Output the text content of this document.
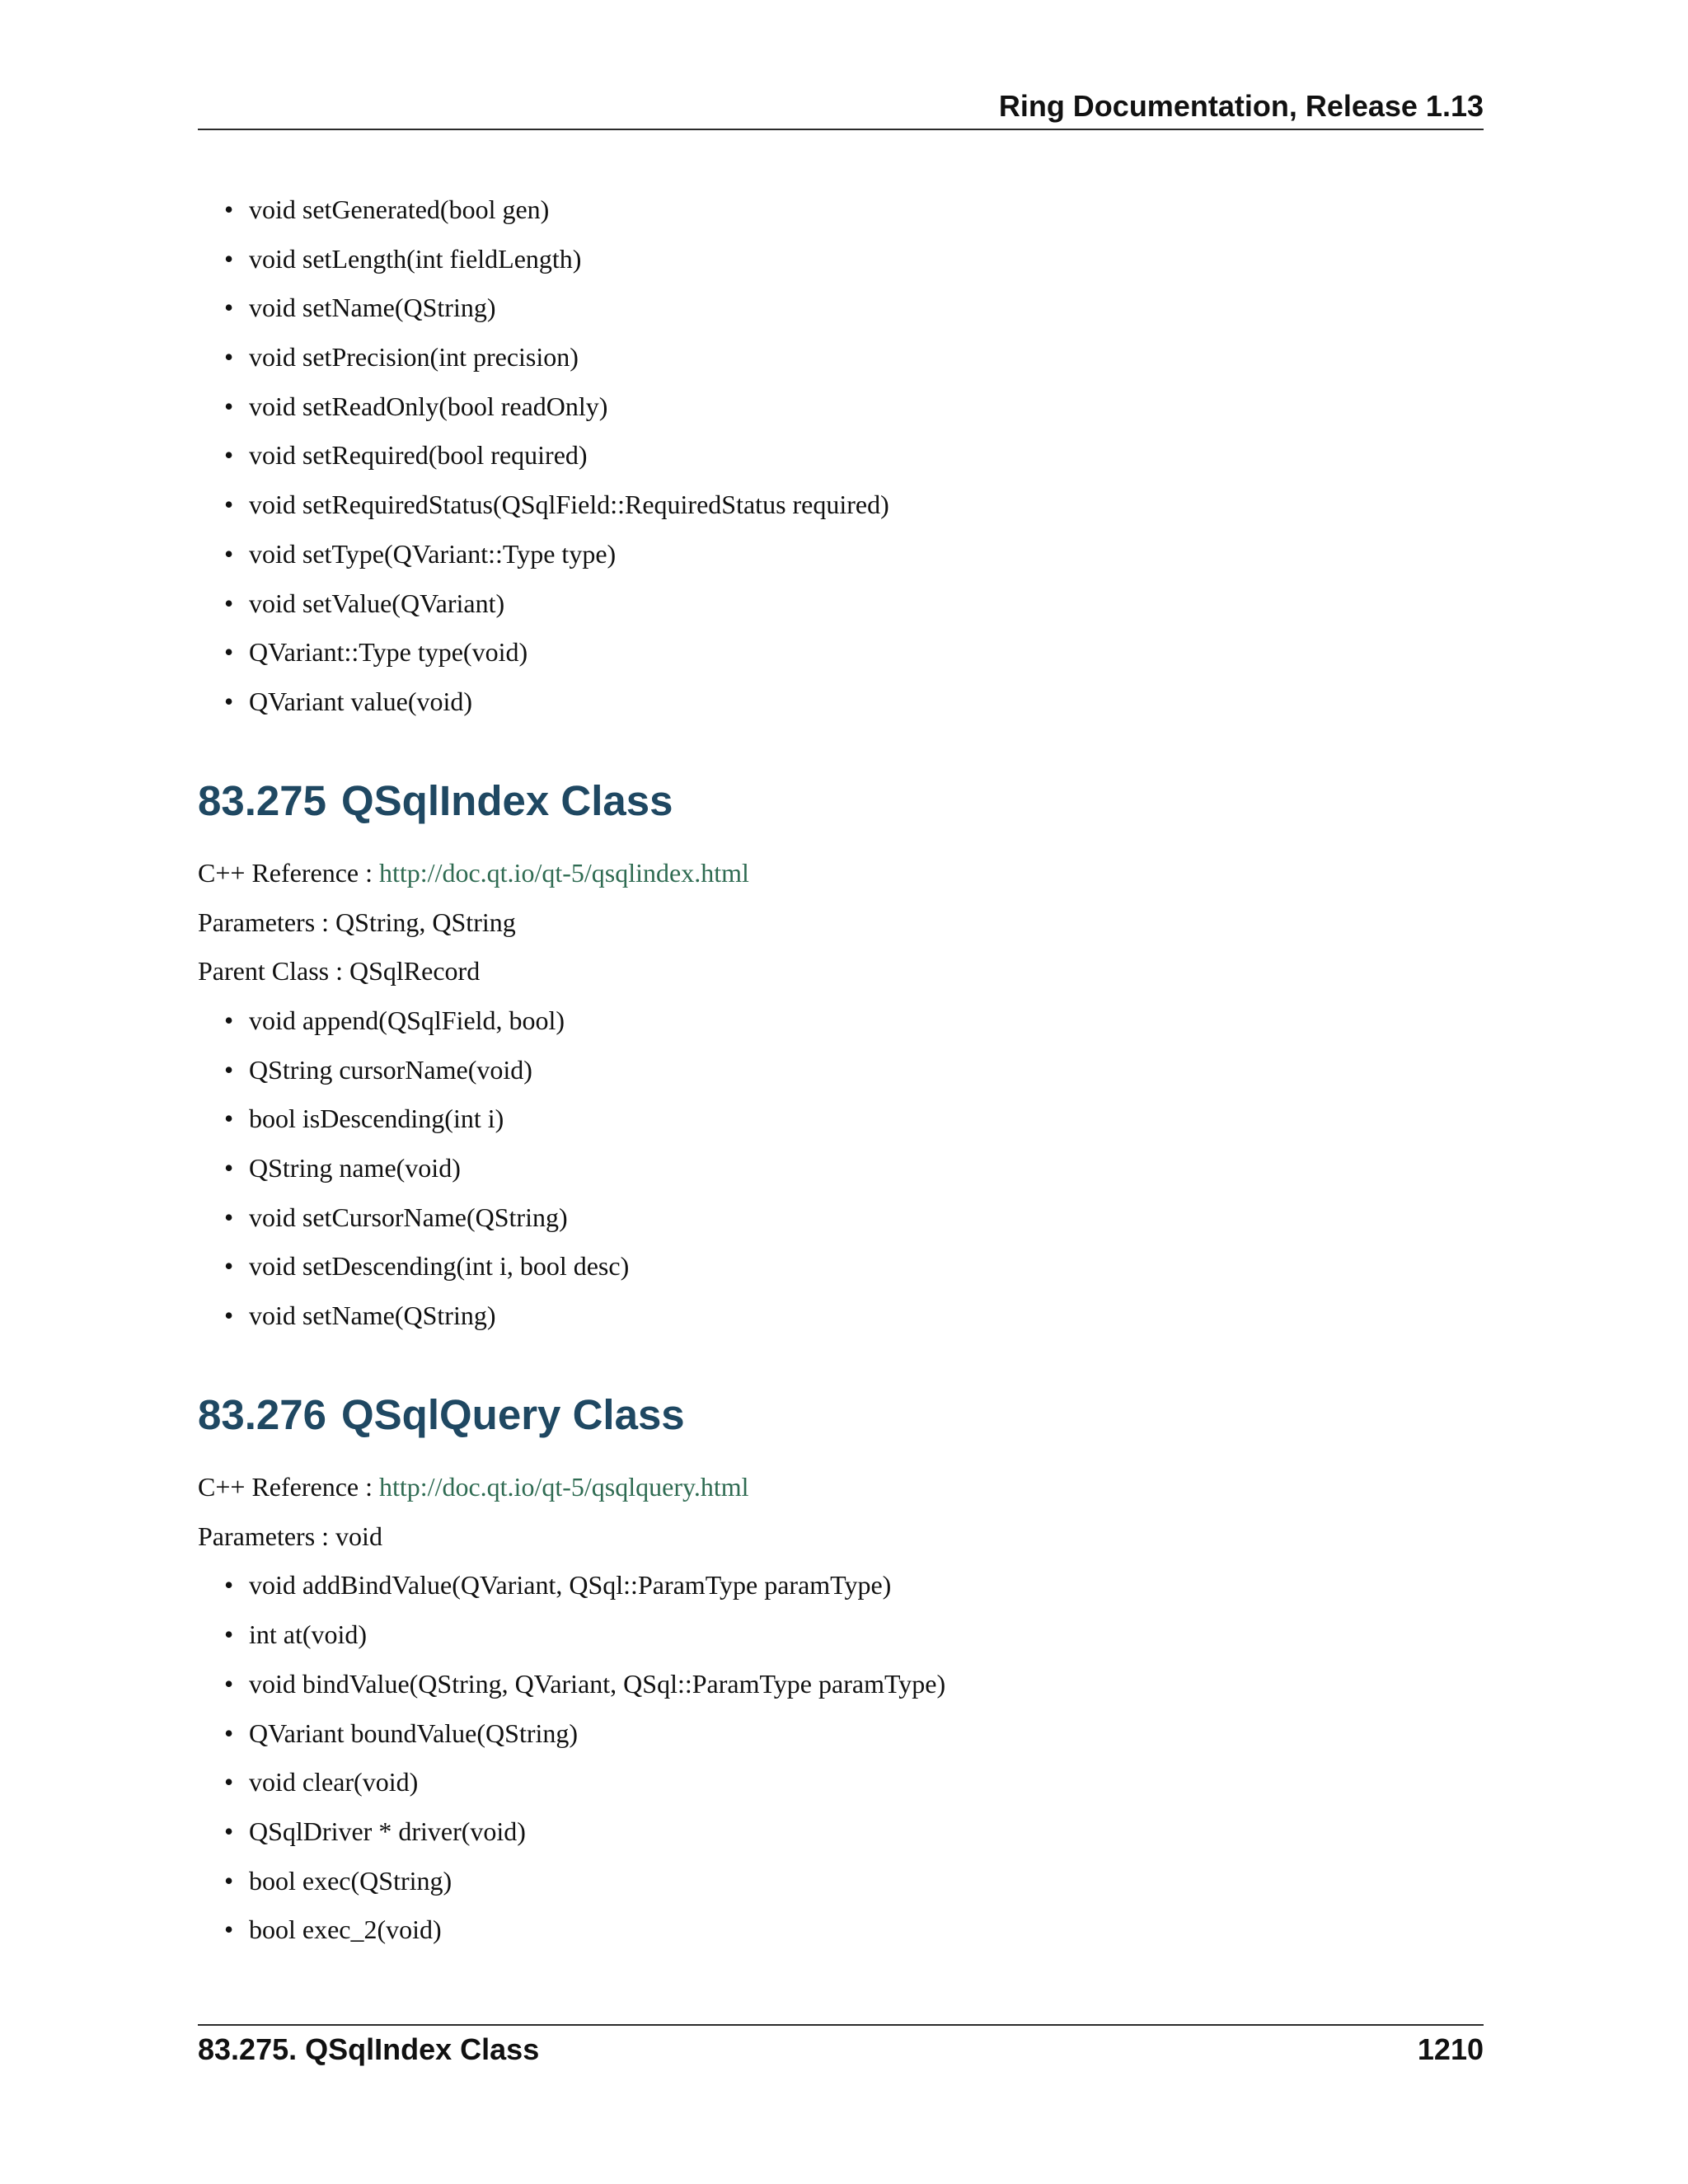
Ring Documentation, Release 1.13
• void setGenerated(bool gen)
• void setLength(int fieldLength)
• void setName(QString)
• void setPrecision(int precision)
• void setReadOnly(bool readOnly)
• void setRequired(bool required)
• void setRequiredStatus(QSqlField::RequiredStatus required)
• void setType(QVariant::Type type)
• void setValue(QVariant)
• QVariant::Type type(void)
• QVariant value(void)
83.275 QSqlIndex Class

C++ Reference : http://doc.qt.io/qt-5/qsqlindex.html

Parameters : QString, QString

Parent Class : QSqlRecord

• void append(QSqlField, bool)
• QString cursorName(void)
• bool isDescending(int i)
• QString name(void)
• void setCursorName(QString)
• void setDescending(int i, bool desc)
• void setName(QString)
83.276 QSqlQuery Class

C++ Reference : http://doc.qt.io/qt-5/qsqlquery.html

Parameters : void

• void addBindValue(QVariant, QSql::ParamType paramType)
• int at(void)
• void bindValue(QString, QVariant, QSql::ParamType paramType)
• QVariant boundValue(QString)
• void clear(void)
• QSqlDriver * driver(void)
• bool exec(QString)
• bool exec_2(void)
83.275. QSqlIndex Class	1210
